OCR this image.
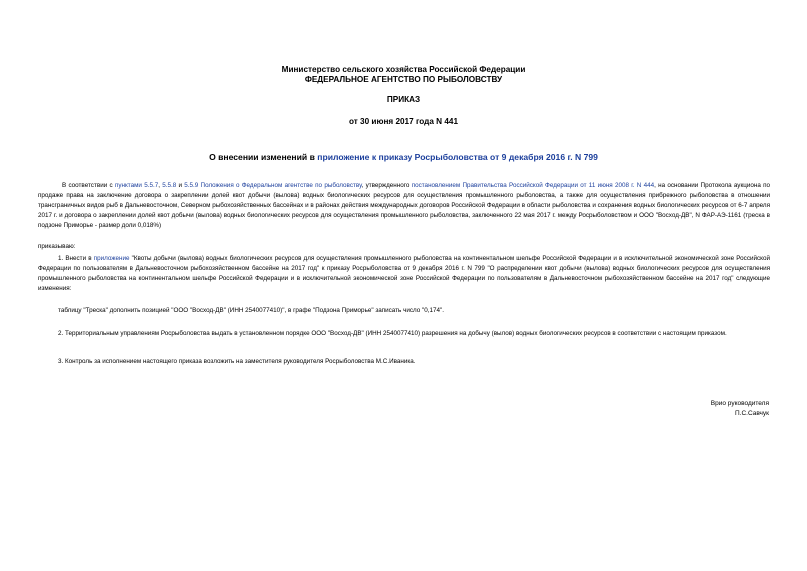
Министерство сельского хозяйства Российской Федерации
ФЕДЕРАЛЬНОЕ АГЕНТСТВО ПО РЫБОЛОВСТВУ
ПРИКАЗ
от 30 июня 2017 года N 441
О внесении изменений в приложение к приказу Росрыболовства от 9 декабря 2016 г. N 799
В соответствии с пунктами 5.5.7, 5.5.8 и 5.5.9 Положения о Федеральном агентстве по рыболовству, утвержденного постановлением Правительства Российской Федерации от 11 июня 2008 г. N 444, на основании Протокола аукциона по продаже права на заключение договора о закреплении долей квот добычи (вылова) водных биологических ресурсов для осуществления промышленного рыболовства, а также для осуществления прибрежного рыболовства в отношении трансграничных видов рыб в Дальневосточном, Северном рыбохозяйственных бассейнах и в районах действия международных договоров Российской Федерации в области рыболовства и сохранения водных биологических ресурсов от 6-7 апреля 2017 г. и договора о закреплении долей квот добычи (вылова) водных биологических ресурсов для осуществления промышленного рыболовства, заключенного 22 мая 2017 г. между Росрыболовством и ООО "Восход-ДВ", N ФАР-АЭ-1161 (треска в подзоне Приморье - размер доли 0,018%)
приказываю:
1. Внести в приложение "Квоты добычи (вылова) водных биологических ресурсов для осуществления промышленного рыболовства на континентальном шельфе Российской Федерации и в исключительной экономической зоне Российской Федерации по пользователям в Дальневосточном рыбохозяйственном бассейне на 2017 год" к приказу Росрыболовства от 9 декабря 2016 г. N 799 "О распределении квот добычи (вылова) водных биологических ресурсов для осуществления промышленного рыболовства на континентальном шельфе Российской Федерации и в исключительной экономической зоне Российской Федерации по пользователям в Дальневосточном рыбохозяйственном бассейне на 2017 год" следующие изменения:
таблицу "Треска" дополнить позицией "ООО "Восход-ДВ" (ИНН 2540077410)", в графе "Подзона Приморье" записать число "0,174".
2. Территориальным управлениям Росрыболовства выдать в установленном порядке ООО "Восход-ДВ" (ИНН 2540077410) разрешения на добычу (вылов) водных биологических ресурсов в соответствии с настоящим приказом.
3. Контроль за исполнением настоящего приказа возложить на заместителя руководителя Росрыболовства М.С.Иваника.
Врио руководителя
П.С.Савчук
